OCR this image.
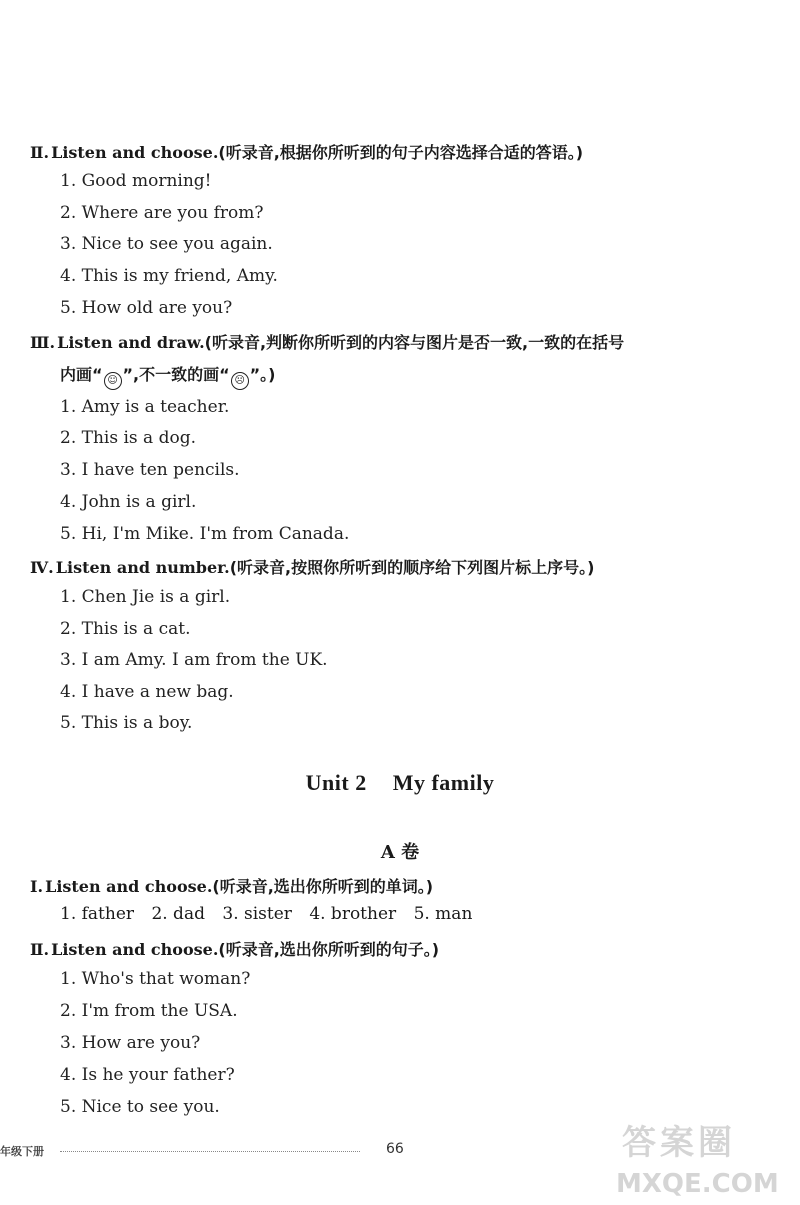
Ⅱ. Listen and choose.(听录音,根据你所听到的句子内容选择合适的答语。)
1. Good morning!
2. Where are you from?
3. Nice to see you again.
4. This is my friend, Amy.
5. How old are you?
Ⅲ. Listen and draw.(听录音,判断你所听到的内容与图片是否一致,一致的在括号
内画“ ☺ ”,不一致的画“ ☹ ”。)
1. Amy is a teacher.
2. This is a dog.
3. I have ten pencils.
4. John is a girl.
5. Hi, I'm Mike. I'm from Canada.
Ⅳ. Listen and number.(听录音,按照你所听到的顺序给下列图片标上序号。)
1. Chen Jie is a girl.
2. This is a cat.
3. I am Amy. I am from the UK.
4. I have a new bag.
5. This is a boy.
Unit 2 My family
A 卷
Ⅰ. Listen and choose.(听录音,选出你所听到的单词。)
1. father 2. dad 3. sister 4. brother 5. man
Ⅱ. Listen and choose.(听录音,选出你所听到的句子。)
1. Who's that woman?
2. I'm from the USA.
3. How are you?
4. Is he your father?
5. Nice to see you.
年级下册	66	答案圈
MXQE.COM
